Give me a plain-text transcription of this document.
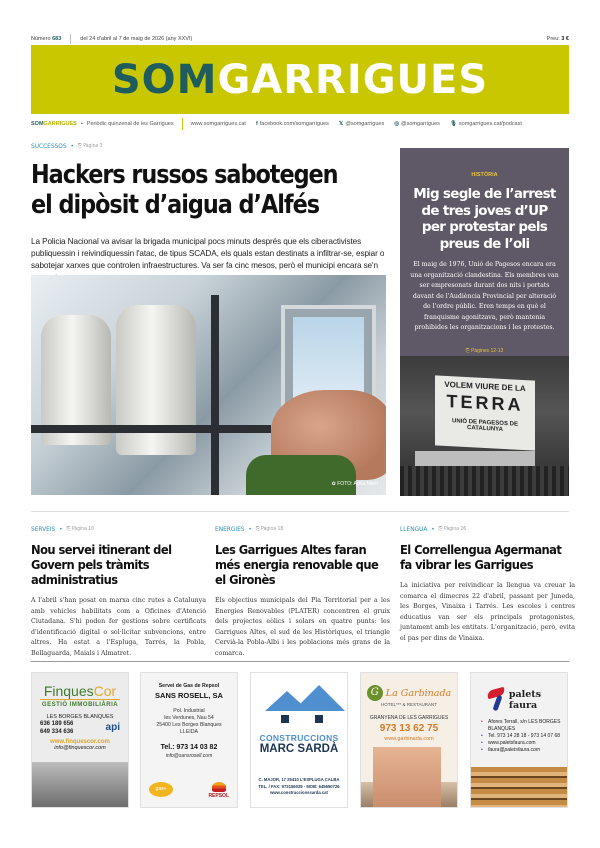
Número 683	del 24 d'abril al 7 de maig de 2026 (any XXVI)	Preu: 3 €
SOMGARRIGUES
SOMGARRIGUES • Periòdic quinzenal de les Garrigues	www.somgarrigues.cat f facebook.com/somgarrigues 𝕏 @somgarrigues ◎ @somgarrigues 🎙 somgarrigues.cat/podcast
SUCCESSOS • ⎘ Pàgina 3
Hackers russos sabotegen el dipòsit d’aigua d’Alfés

La Policia Nacional va avisar la brigada municipal pocs minuts després que els ciberactivistes publiquessin i reivindiquessin l'atac, de tipus SCADA, els quals estan destinats a infiltrar-se, espiar o sabotejar xarxes que controlen infraestructures. Va ser fa cinc mesos, però el municipi encara se'n

✿ FOTO: Adrià Martí
HISTÒRIA
Mig segle de l’arrest de tres joves d’UP per protestar pels preus de l’oli
El maig de 1976, Unió de Pagesos encara era una organització clandestina. Els membres van ser empresonats durant dos nits i portats davant de l'Audiència Provincial per alteració de l'ordre públic. Eren temps en què el franquisme agonitzava, però mantenia prohibides les organitzacions i les protestes.
⎘ Pàgines 12-13
VOLEM VIURE DE LA
TERRA
UNIÓ DE PAGESOS DE CATALUNYA
SERVEIS • ⎘ Pàgina 10
Nou servei itinerant del Govern pels tràmits administratius

A l'abril s'han posat en marxa cinc rutes a Catalunya amb vehicles habilitats com a Oficines d'Atenció Ciutadana. S'hi poden fer gestions sobre certificats d'identificació digital o sol·licitar subvencions, entre altres. Ha estat a l'Espluga, Tarrés, la Pobla, Bellaguarda, Maials i Almatret.

ENERGIES • ⎘ Pàgina 18
Les Garrigues Altes faran més energia renovable que el Gironès

Els objectius municipals del Pla Territorial per a les Energies Renovables (PLATER) concentren el gruix dels projectes eòlics i solars en quatre punts: les Garrigues Altes, el sud de les Històriques, el triangle Cervià-la Pobla-Albi i les poblacions més grans de la comarca.

LLENGUA • ⎘ Pàgina 26
El Correllengua Agermanat fa vibrar les Garrigues

La iniciativa per reivindicar la llengua va creuar la comarca el dimecres 22 d'abril, passant per Juneda, les Borges, Vinaixa i Tarrés. Les escoles i centres educatius van ser els principals protagonistes, juntament amb les entitats. L'organització, però, evita el pas per dins de Vinaixa.

FinquesCor
GESTIÓ IMMOBILIÀRIA
LES BORGES BLANQUES
636 189 656
649 334 636	api
www.finquescor.com
info@finquescor.com
Servei de Gas de Repsol
SANS ROSELL, SA
Pol. Industrial
les Verdunes, Nau 54
25400 Les Borges Blanques
LLEIDA
Tel.: 973 14 03 82
info@sansrosell.com
gas+
REPSOL
CONSTRUCCIONS
MARC SARDÀ
C. MAJOR, 17 25410 L'ESPLUGA CALBA
TEL. / FAX: 973156029 - MOB: 645650726
www.construccionssarda.cat
G La Garbinada
HOTEL*** & RESTAURANT
GRANYENA DE LES GARRIGUES
973 13 62 75
www.garbinada.com
palets faura
• Afores Terrall, s/n LES BORGES BLANQUES
• Tel. 973 14 28 18 - 973 14 07 68
• www.paletsfaura.com
• faura@paletsfaura.com
